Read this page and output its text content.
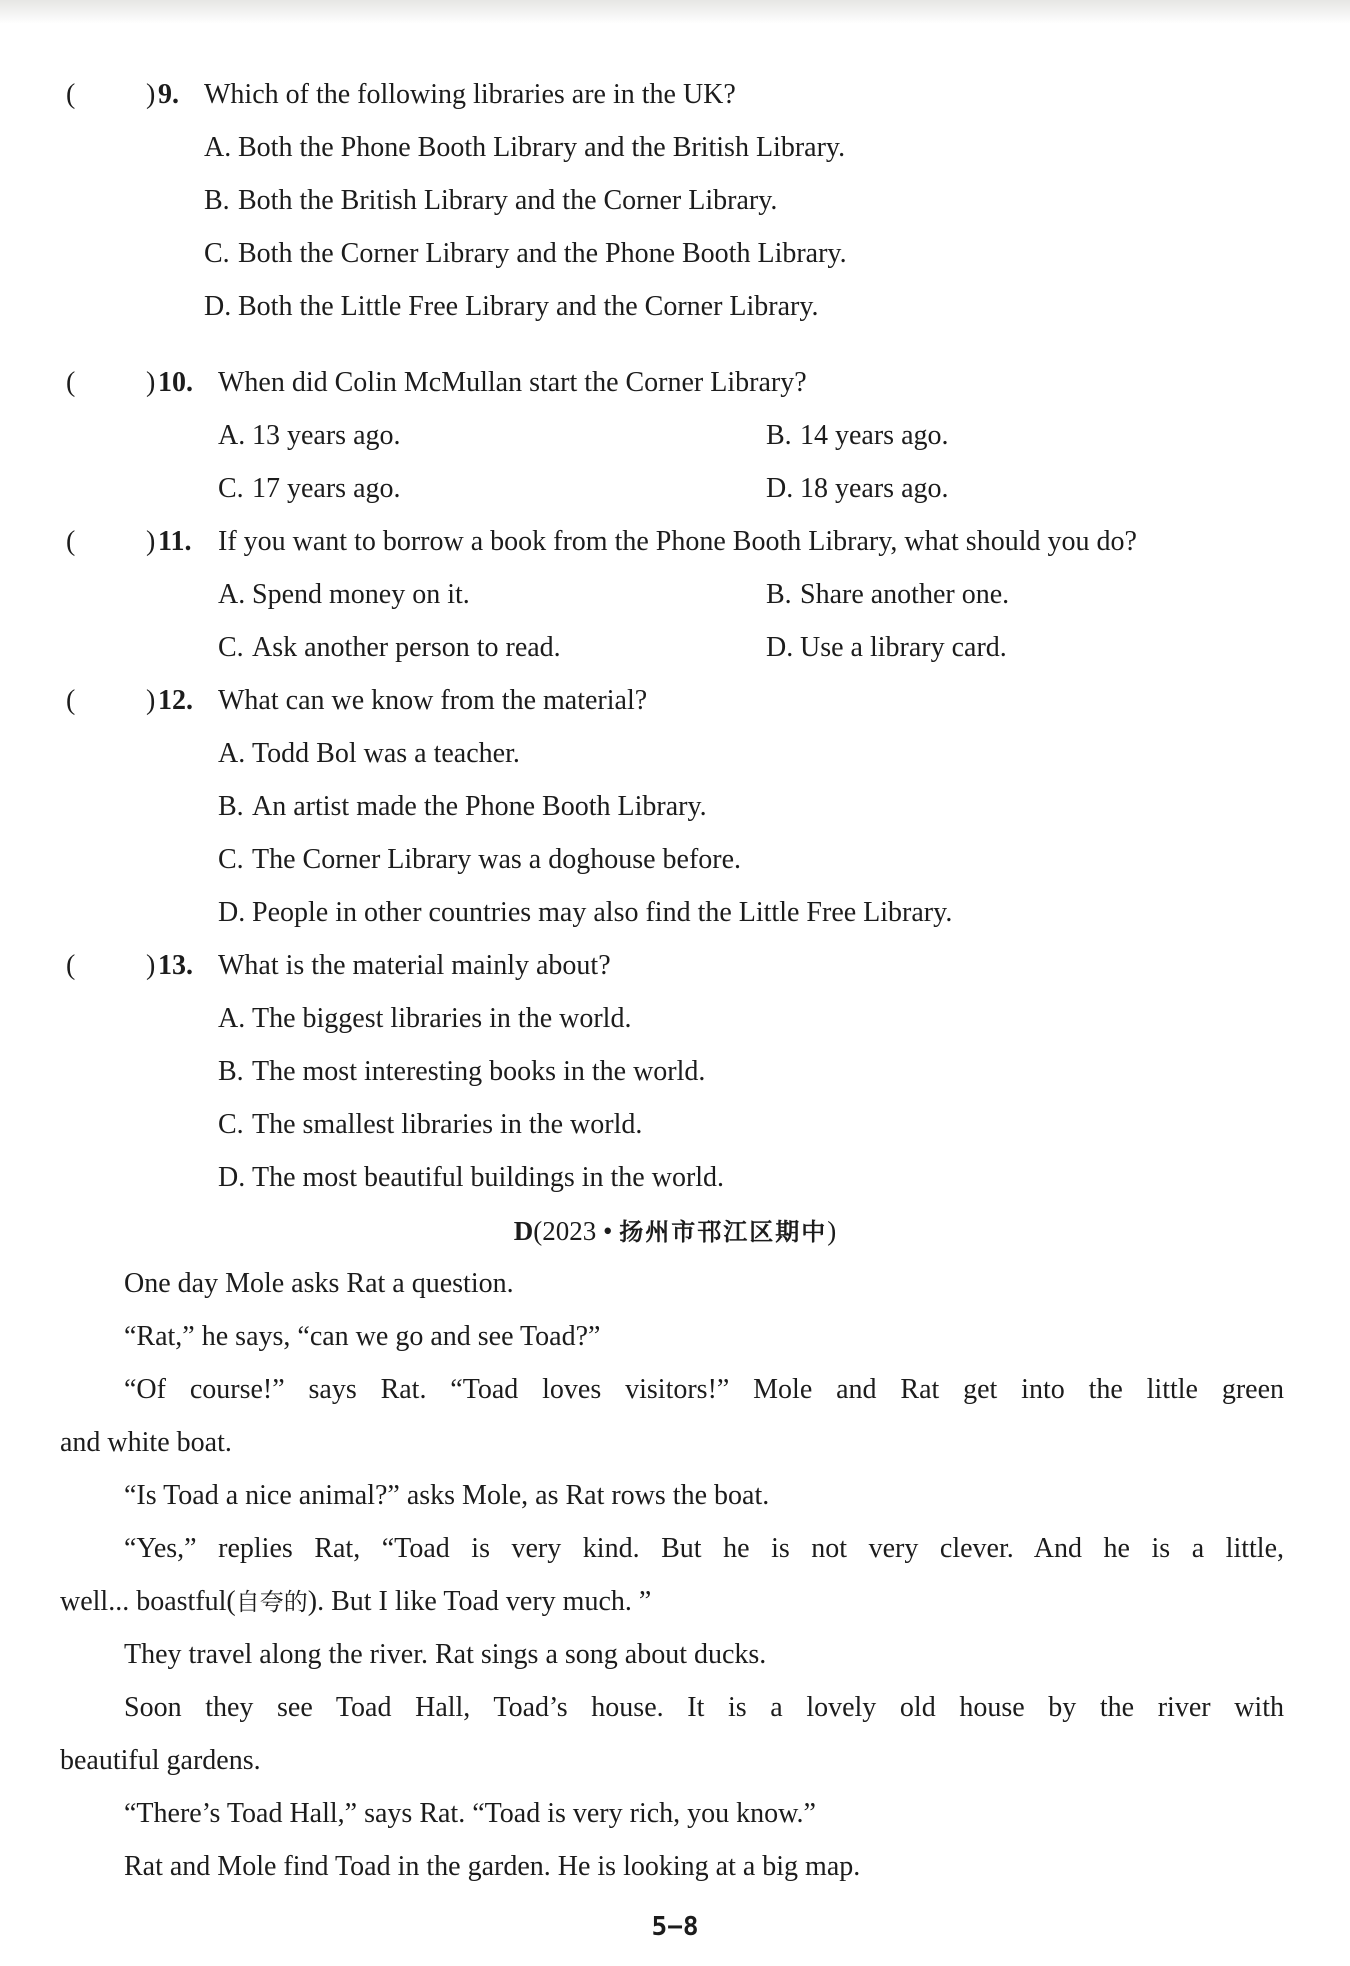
(	) 9. Which of the following libraries are in the UK?
A. Both the Phone Booth Library and the British Library.
B. Both the British Library and the Corner Library.
C. Both the Corner Library and the Phone Booth Library.
D. Both the Little Free Library and the Corner Library.
(	) 10. When did Colin McMullan start the Corner Library?
A. 13 years ago.	B. 14 years ago.
C. 17 years ago.	D. 18 years ago.
(	) 11. If you want to borrow a book from the Phone Booth Library, what should you do?
A. Spend money on it.	B. Share another one.
C. Ask another person to read.	D. Use a library card.
(	) 12. What can we know from the material?
A. Todd Bol was a teacher.
B. An artist made the Phone Booth Library.
C. The Corner Library was a doghouse before.
D. People in other countries may also find the Little Free Library.
(	) 13. What is the material mainly about?
A. The biggest libraries in the world.
B. The most interesting books in the world.
C. The smallest libraries in the world.
D. The most beautiful buildings in the world.
D(2023 • 扬州市邗江区期中)
One day Mole asks Rat a question.
“Rat,” he says, “can we go and see Toad?”
“Of course!” says Rat. “Toad loves visitors!” Mole and Rat get into the little green
and white boat.
“Is Toad a nice animal?” asks Mole, as Rat rows the boat.
“Yes,” replies Rat, “Toad is very kind. But he is not very clever. And he is a little,
well... boastful(自夸的). But I like Toad very much. ”
They travel along the river. Rat sings a song about ducks.
Soon they see Toad Hall, Toad’s house. It is a lovely old house by the river with
beautiful gardens.
“There’s Toad Hall,” says Rat. “Toad is very rich, you know.”
Rat and Mole find Toad in the garden. He is looking at a big map.
5−8
